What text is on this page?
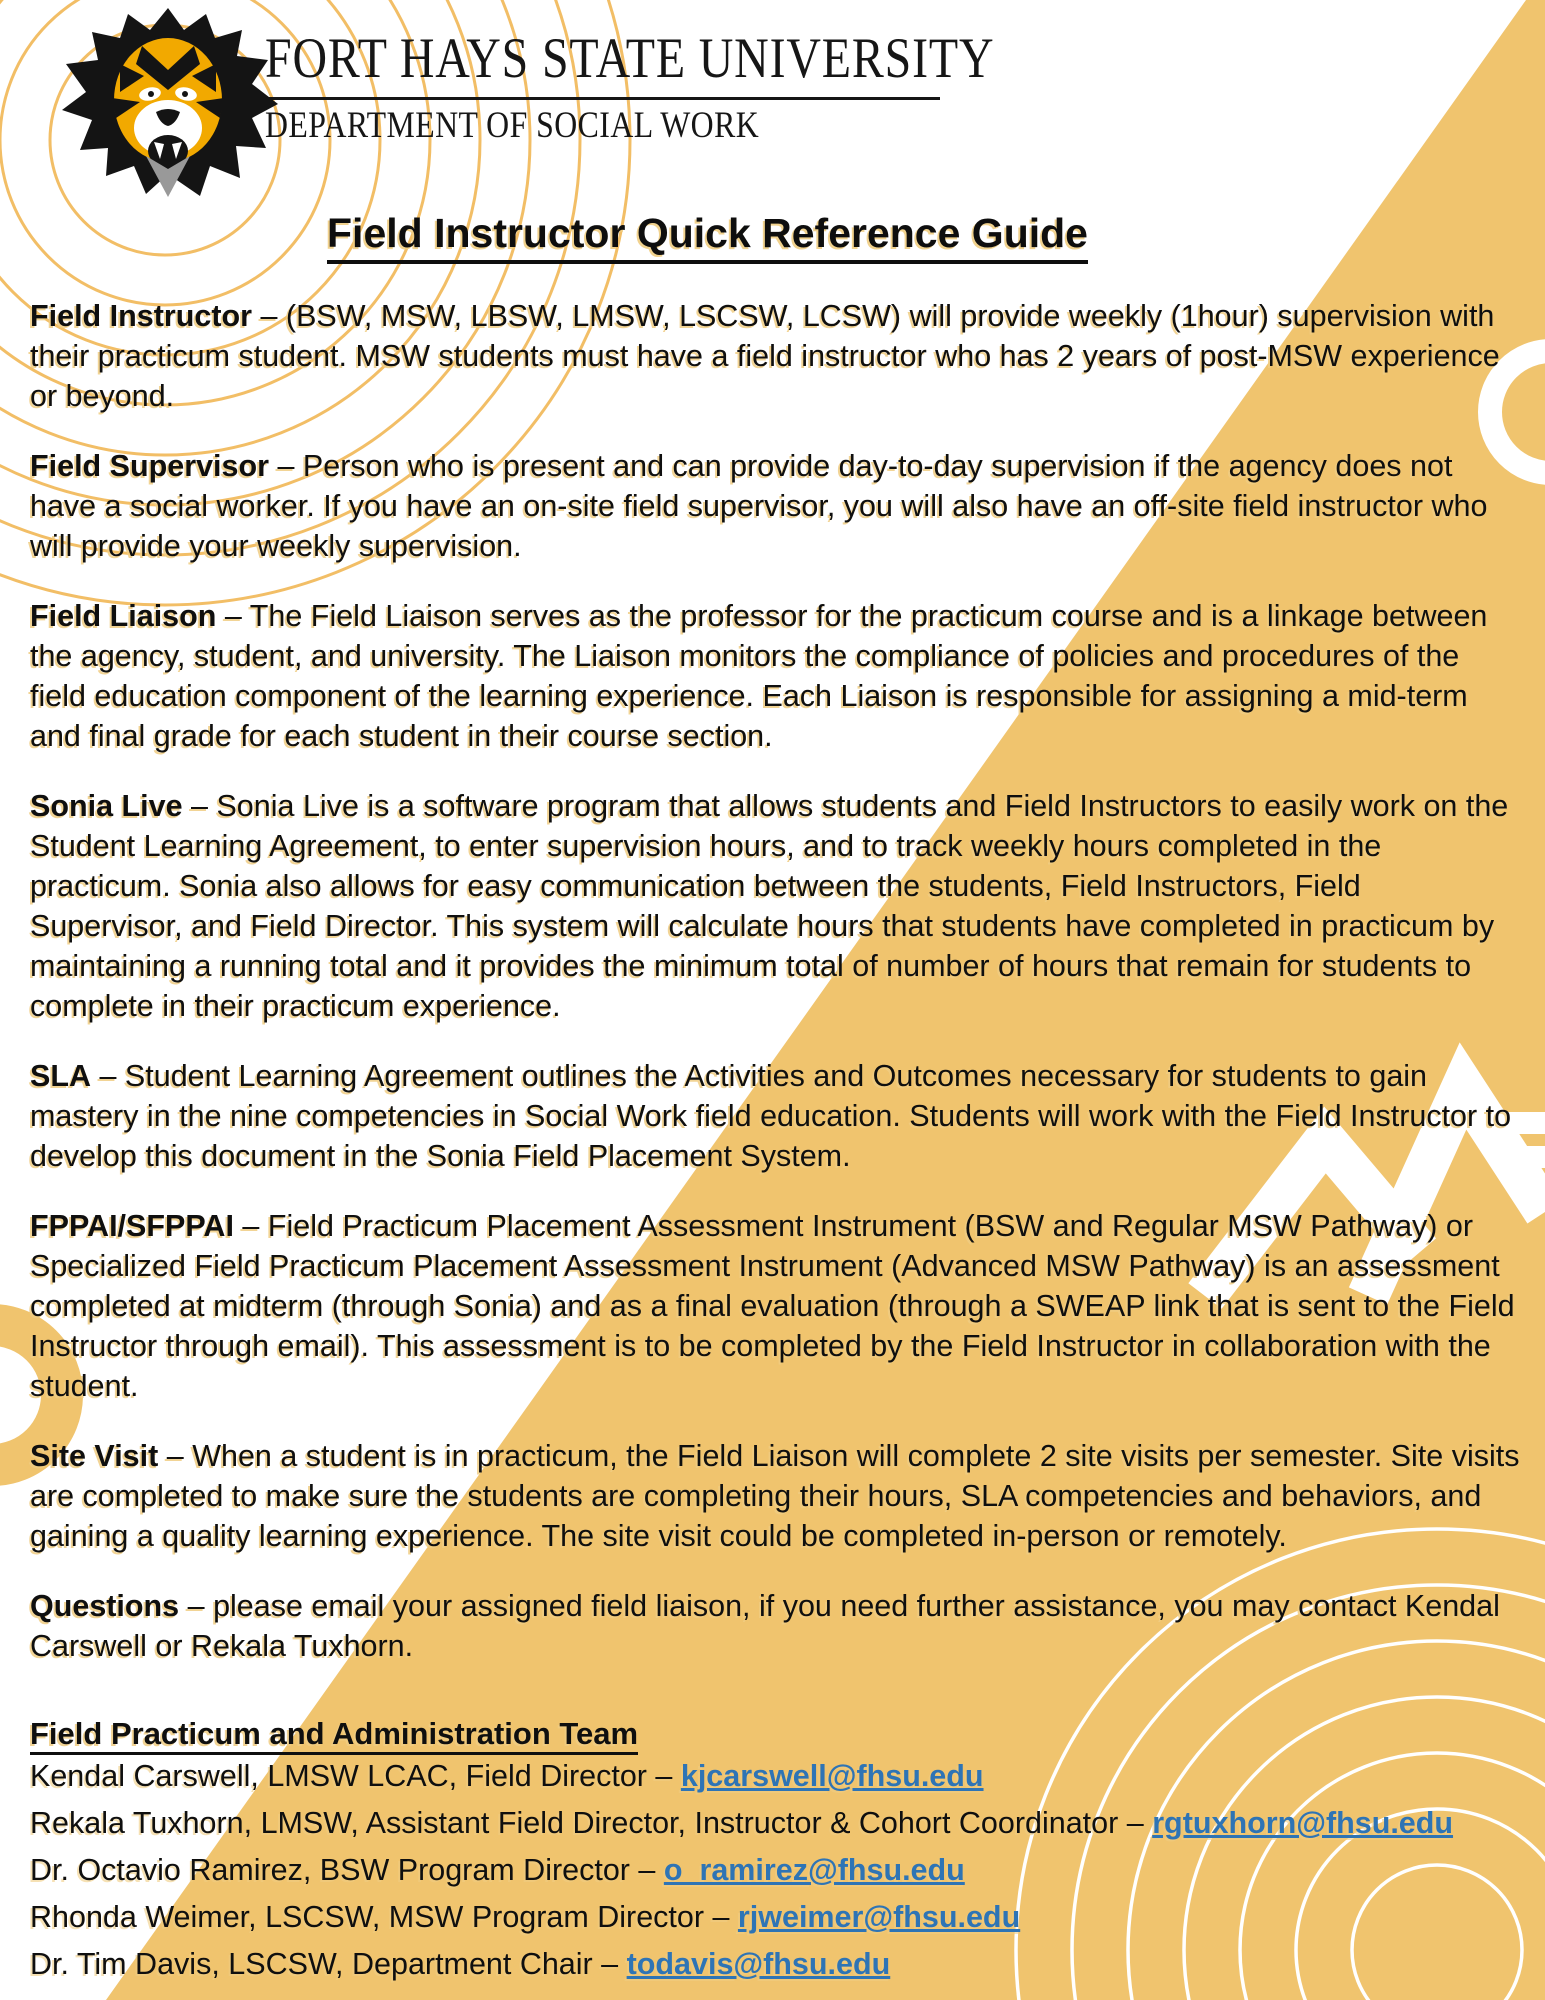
FORT HAYS STATE UNIVERSITY
DEPARTMENT OF SOCIAL WORK
Field Instructor Quick Reference Guide

Field Instructor – (BSW, MSW, LBSW, LMSW, LSCSW, LCSW) will provide weekly (1hour) supervision with their practicum student. MSW students must have a field instructor who has 2 years of post-MSW experience or beyond.

Field Supervisor – Person who is present and can provide day-to-day supervision if the agency does not have a social worker. If you have an on-site field supervisor, you will also have an off-site field instructor who will provide your weekly supervision.

Field Liaison – The Field Liaison serves as the professor for the practicum course and is a linkage between the agency, student, and university. The Liaison monitors the compliance of policies and procedures of the field education component of the learning experience. Each Liaison is responsible for assigning a mid-term and final grade for each student in their course section.

Sonia Live – Sonia Live is a software program that allows students and Field Instructors to easily work on the Student Learning Agreement, to enter supervision hours, and to track weekly hours completed in the practicum. Sonia also allows for easy communication between the students, Field Instructors, Field Supervisor, and Field Director. This system will calculate hours that students have completed in practicum by maintaining a running total and it provides the minimum total of number of hours that remain for students to complete in their practicum experience.

SLA – Student Learning Agreement outlines the Activities and Outcomes necessary for students to gain mastery in the nine competencies in Social Work field education. Students will work with the Field Instructor to develop this document in the Sonia Field Placement System.

FPPAI/SFPPAI – Field Practicum Placement Assessment Instrument (BSW and Regular MSW Pathway) or Specialized Field Practicum Placement Assessment Instrument (Advanced MSW Pathway) is an assessment completed at midterm (through Sonia) and as a final evaluation (through a SWEAP link that is sent to the Field Instructor through email). This assessment is to be completed by the Field Instructor in collaboration with the student.

Site Visit – When a student is in practicum, the Field Liaison will complete 2 site visits per semester. Site visits are completed to make sure the students are completing their hours, SLA competencies and behaviors, and gaining a quality learning experience. The site visit could be completed in-person or remotely.

Questions – please email your assigned field liaison, if you need further assistance, you may contact Kendal Carswell or Rekala Tuxhorn.

Field Practicum and Administration Team

Kendal Carswell, LMSW LCAC, Field Director – kjcarswell@fhsu.edu

Rekala Tuxhorn, LMSW, Assistant Field Director, Instructor & Cohort Coordinator – rgtuxhorn@fhsu.edu

Dr. Octavio Ramirez, BSW Program Director – o_ramirez@fhsu.edu

Rhonda Weimer, LSCSW, MSW Program Director – rjweimer@fhsu.edu

Dr. Tim Davis, LSCSW, Department Chair – todavis@fhsu.edu
